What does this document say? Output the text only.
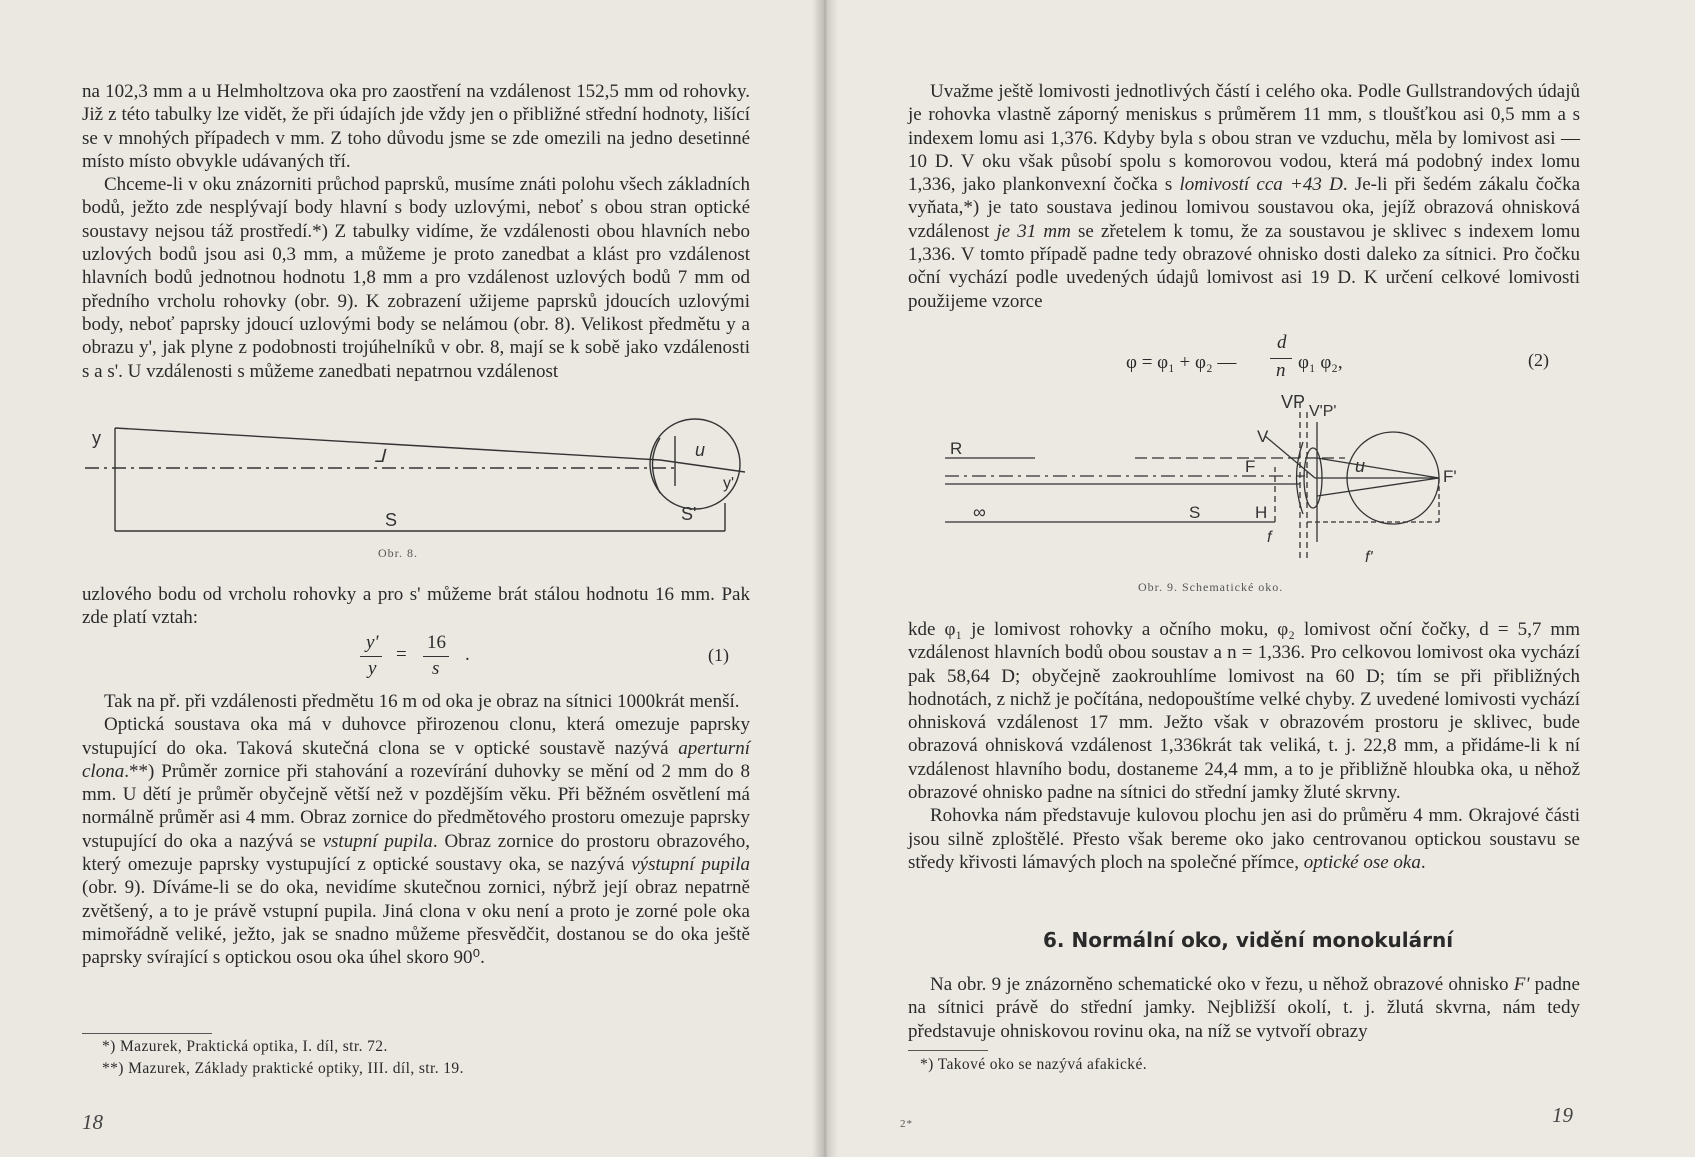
na 102,3 mm a u Helmholtzova oka pro zaostření na vzdálenost 152,5 mm od rohovky. Již z této tabulky lze vidět, že při údajích jde vždy jen o přibližné střední hodnoty, lišící se v mnohých případech v mm. Z toho důvodu jsme se zde omezili na jedno desetinné místo místo obvykle udávaných tří.

Chceme-li v oku znázorniti průchod paprsků, musíme znáti polohu všech základních bodů, ježto zde nesplývají body hlavní s body uzlovými, neboť s obou stran optické soustavy nejsou táž prostředí.*) Z tabulky vidíme, že vzdálenosti obou hlavních nebo uzlových bodů jsou asi 0,3 mm, a můžeme je proto zanedbat a klást pro vzdálenost hlavních bodů jednotnou hodnotu 1,8 mm a pro vzdálenost uzlových bodů 7 mm od předního vrcholu rohovky (obr. 9). K zobrazení užijeme paprsků jdoucích uzlovými body, neboť paprsky jdoucí uzlovými body se nelámou (obr. 8). Velikost předmětu y a obrazu y', jak plyne z podobnosti trojúhelníků v obr. 8, mají se k sobě jako vzdálenosti s a s'. U vzdálenosti s můžeme zanedbati nepatrnou vzdálenost

y
⅃	u
y'
S	S'
Obr. 8.

uzlového bodu od vrcholu rohovky a pro s' můžeme brát stálou hodnotu 16 mm. Pak zde platí vztah:

y'
y
=
16
s
.	(1)

Tak na př. při vzdálenosti předmětu 16 m od oka je obraz na sítnici 1000krát menší.

Optická soustava oka má v duhovce přirozenou clonu, která omezuje paprsky vstupující do oka. Taková skutečná clona se v optické soustavě nazývá aperturní clona.**) Průměr zornice při stahování a rozevírání duhovky se mění od 2 mm do 8 mm. U dětí je průměr obyčejně větší než v pozdějším věku. Při běžném osvětlení má normálně průměr asi 4 mm. Obraz zornice do předmětového prostoru omezuje paprsky vstupující do oka a nazývá se vstupní pupila. Obraz zornice do prostoru obrazového, který omezuje paprsky vystupující z optické soustavy oka, se nazývá výstupní pupila (obr. 9). Díváme-li se do oka, nevidíme skutečnou zornici, nýbrž její obraz nepatrně zvětšený, a to je právě vstupní pupila. Jiná clona v oku není a proto je zorné pole oka mimořádně veliké, ježto, jak se snadno můžeme přesvědčit, dostanou se do oka ještě paprsky svírající s optickou osou oka úhel skoro 90⁰.

*) Mazurek, Praktická optika, I. díl, str. 72.
**) Mazurek, Základy praktické optiky, III. díl, str. 19.
18

Uvažme ještě lomivosti jednotlivých částí i celého oka. Podle Gullstrandových údajů je rohovka vlastně záporný meniskus s průměrem 11 mm, s tloušťkou asi 0,5 mm a s indexem lomu asi 1,376. Kdyby byla s obou stran ve vzduchu, měla by lomivost asi —10 D. V oku však působí spolu s komorovou vodou, která má podobný index lomu 1,336, jako plankonvexní čočka s lomivostí cca +43 D. Je-li při šedém zákalu čočka vyňata,*) je tato soustava jedinou lomivou soustavou oka, jejíž obrazová ohnisková vzdálenost je 31 mm se zřetelem k tomu, že za soustavou je sklivec s indexem lomu 1,336. V tomto případě padne tedy obrazové ohnisko dosti daleko za sítnici. Pro čočku oční vychází podle uvedených údajů lomivost asi 19 D. K určení celkové lomivosti použijeme vzorce

φ = φ₁ + φ₂ —
d
n φ₁ φ₂,	(2)
VP
V
V'P'
R
∞
F
H
f
S
u
F'
f'
Obr. 9. Schematické oko.

kde φ₁ je lomivost rohovky a očního moku, φ₂ lomivost oční čočky, d = 5,7 mm vzdálenost hlavních bodů obou soustav a n = 1,336. Pro celkovou lomivost oka vychází pak 58,64 D; obyčejně zaokrouhlíme lomivost na 60 D; tím se při přibližných hodnotách, z nichž je počítána, nedopouštíme velké chyby. Z uvedené lomivosti vychází ohnisková vzdálenost 17 mm. Ježto však v obrazovém prostoru je sklivec, bude obrazová ohnisková vzdálenost 1,336krát tak veliká, t. j. 22,8 mm, a přidáme-li k ní vzdálenost hlavního bodu, dostaneme 24,4 mm, a to je přibližně hloubka oka, u něhož obrazové ohnisko padne na sítnici do střední jamky žluté skrvny.

Rohovka nám představuje kulovou plochu jen asi do průměru 4 mm. Okrajové části jsou silně zploštělé. Přesto však bereme oko jako centrovanou optickou soustavu se středy křivosti lámavých ploch na společné přímce, optické ose oka.

6. Normální oko, vidění monokulární

Na obr. 9 je znázorněno schematické oko v řezu, u něhož obrazové ohnisko F' padne na sítnici právě do střední jamky. Nejbližší okolí, t. j. žlutá skvrna, nám tedy představuje ohniskovou rovinu oka, na níž se vytvoří obrazy

*) Takové oko se nazývá afakické.
2*	19
